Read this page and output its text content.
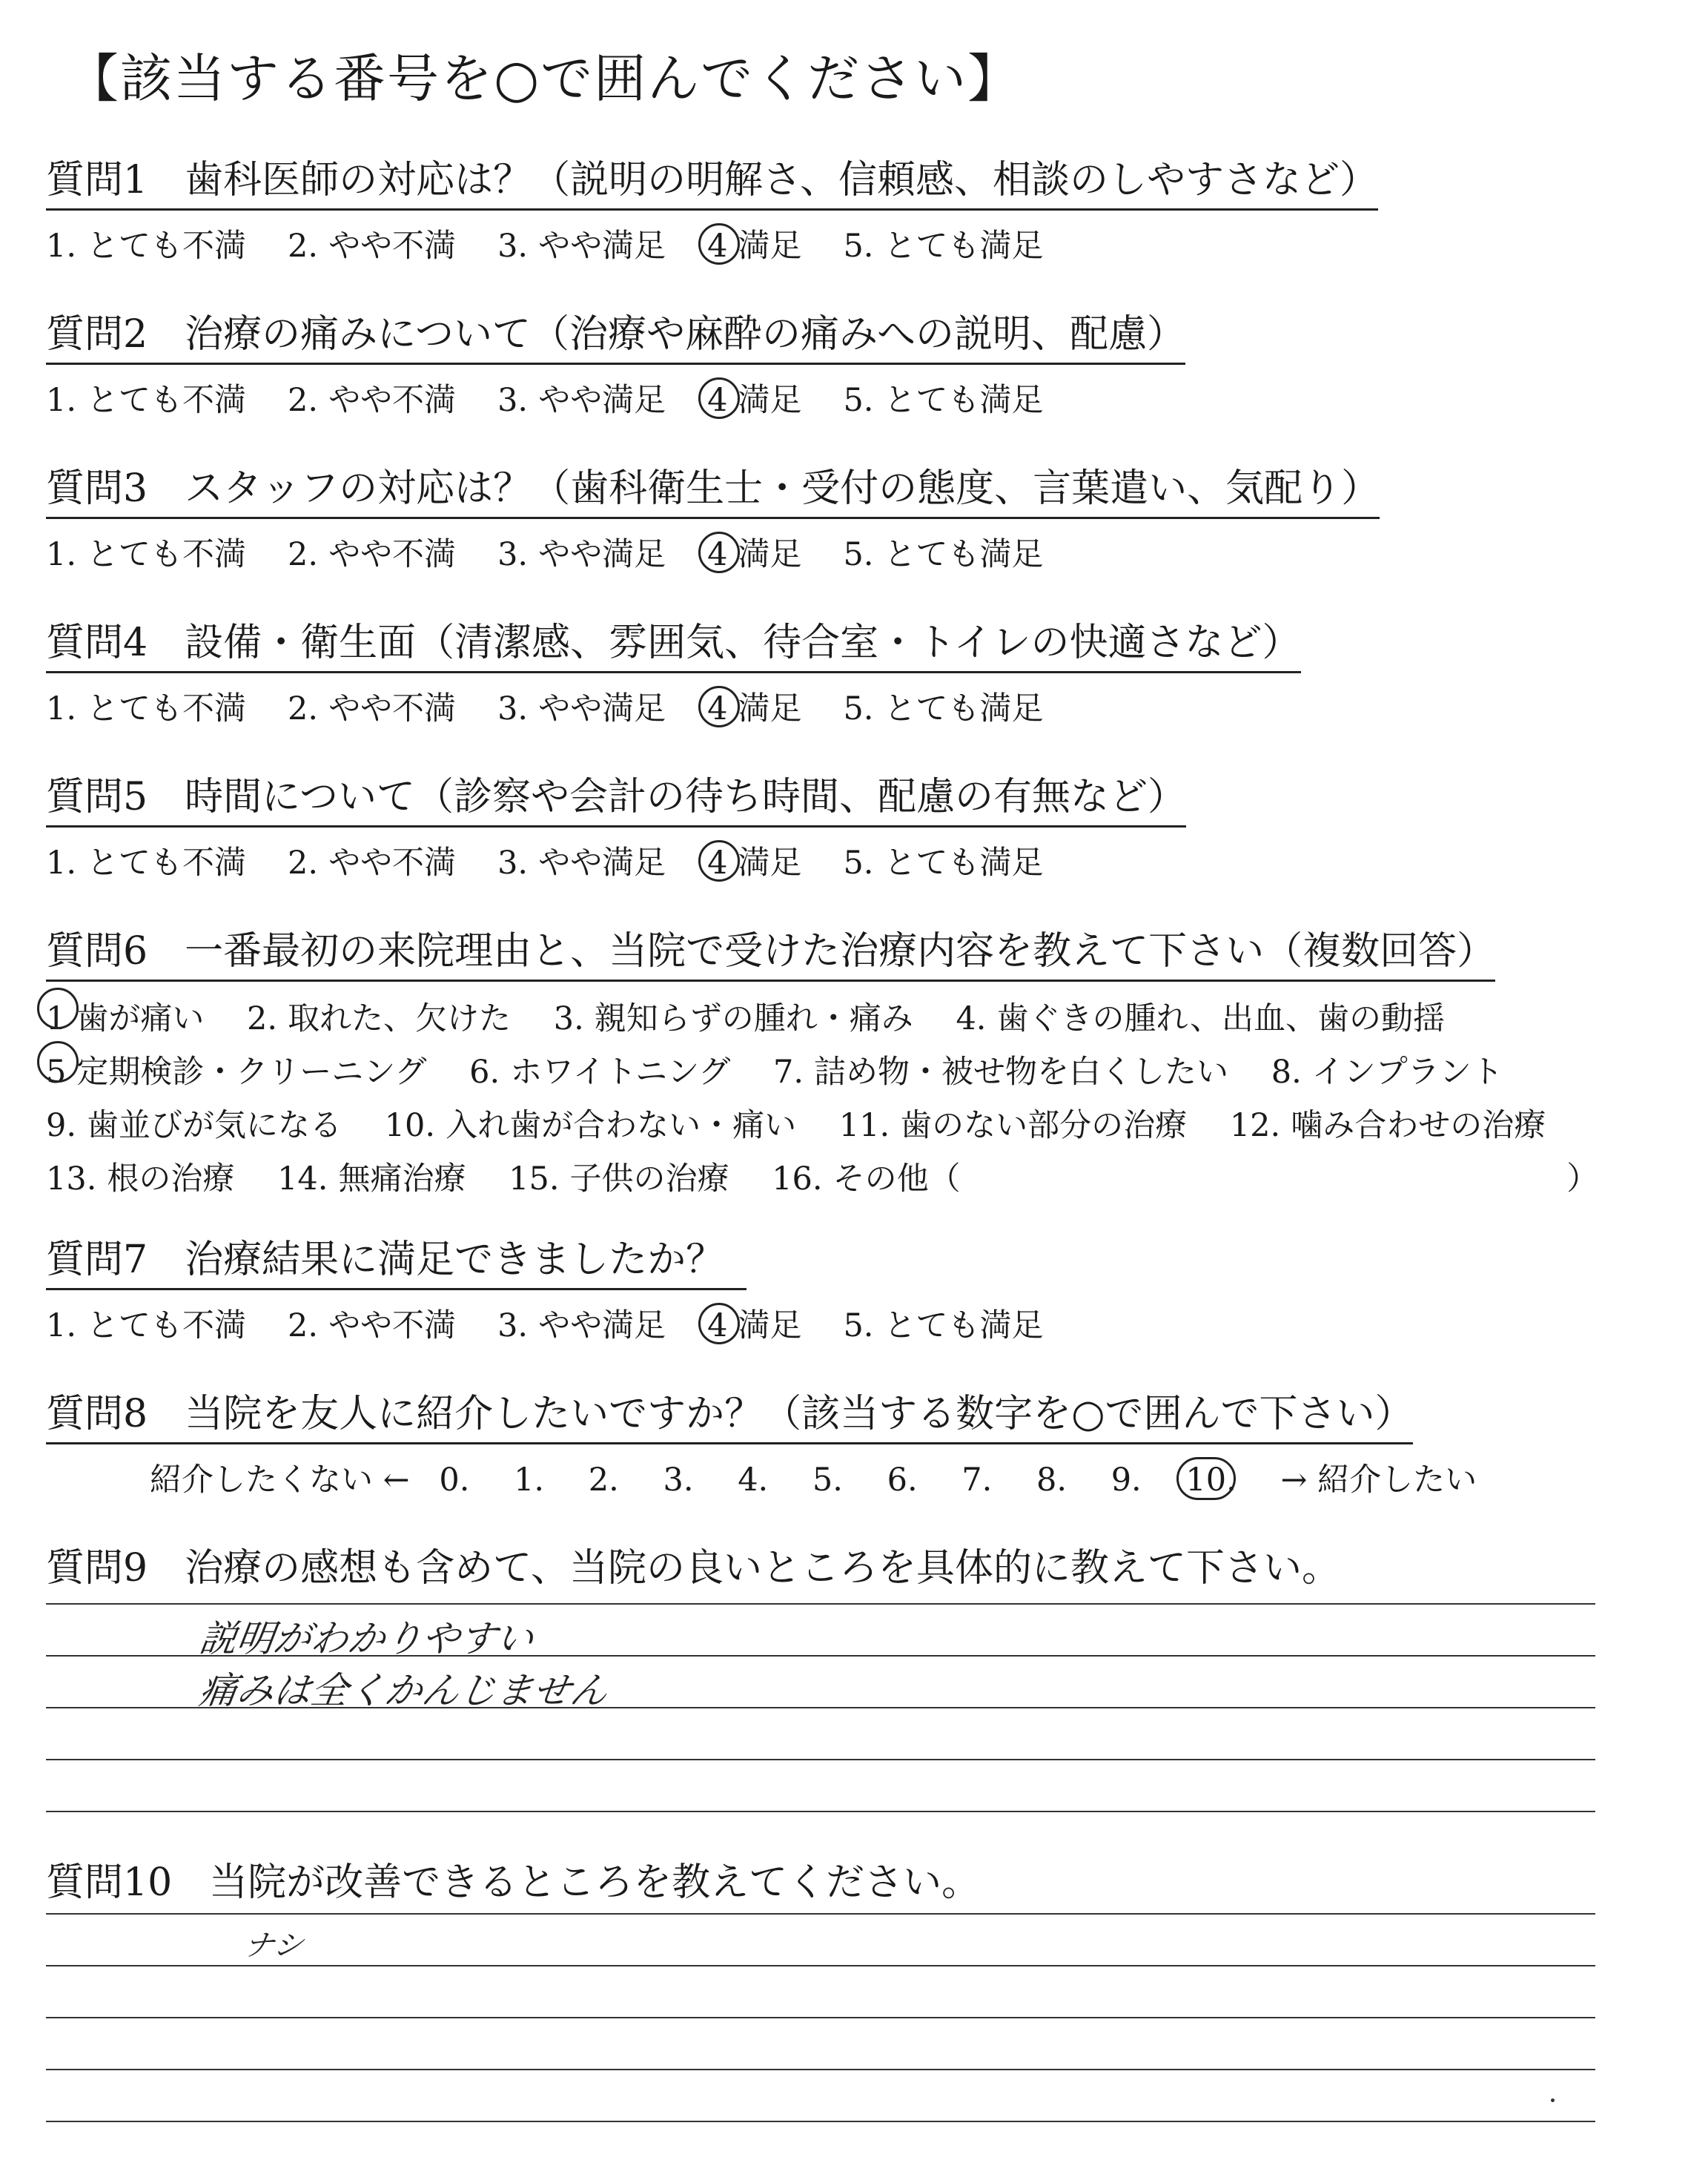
【該当する番号を○で囲んでください】
質問1 歯科医師の対応は？（説明の明解さ、信頼感、相談のしやすさなど）
1. とても不満 2. やや不満 3. やや満足 4 満足 5. とても満足
質問2 治療の痛みについて（治療や麻酔の痛みへの説明、配慮）
1. とても不満 2. やや不満 3. やや満足 4 満足 5. とても満足
質問3 スタッフの対応は？（歯科衛生士・受付の態度、言葉遣い、気配り）
1. とても不満 2. やや不満 3. やや満足 4 満足 5. とても満足
質問4 設備・衛生面（清潔感、雰囲気、待合室・トイレの快適さなど）
1. とても不満 2. やや不満 3. やや満足 4 満足 5. とても満足
質問5 時間について（診察や会計の待ち時間、配慮の有無など）
1. とても不満 2. やや不満 3. やや満足 4 満足 5. とても満足
質問6 一番最初の来院理由と、当院で受けた治療内容を教えて下さい（複数回答）
1 歯が痛い 2. 取れた、欠けた 3. 親知らずの腫れ・痛み 4. 歯ぐきの腫れ、出血、歯の動揺
5 定期検診・クリーニング 6. ホワイトニング 7. 詰め物・被せ物を白くしたい 8. インプラント
9. 歯並びが気になる 10. 入れ歯が合わない・痛い 11. 歯のない部分の治療 12. 噛み合わせの治療
13. 根の治療 14. 無痛治療 15. 子供の治療 16. その他（	）
質問7 治療結果に満足できましたか？
1. とても不満 2. やや不満 3. やや満足 4 満足 5. とても満足
質問8 当院を友人に紹介したいですか？（該当する数字を○で囲んで下さい）
紹介したくない ← 0. 1. 2. 3. 4. 5. 6. 7. 8. 9. 10. → 紹介したい
質問9 治療の感想も含めて、当院の良いところを具体的に教えて下さい。
説明がわかりやすい
痛みは全くかんじません
質問10 当院が改善できるところを教えてください。
ナシ
